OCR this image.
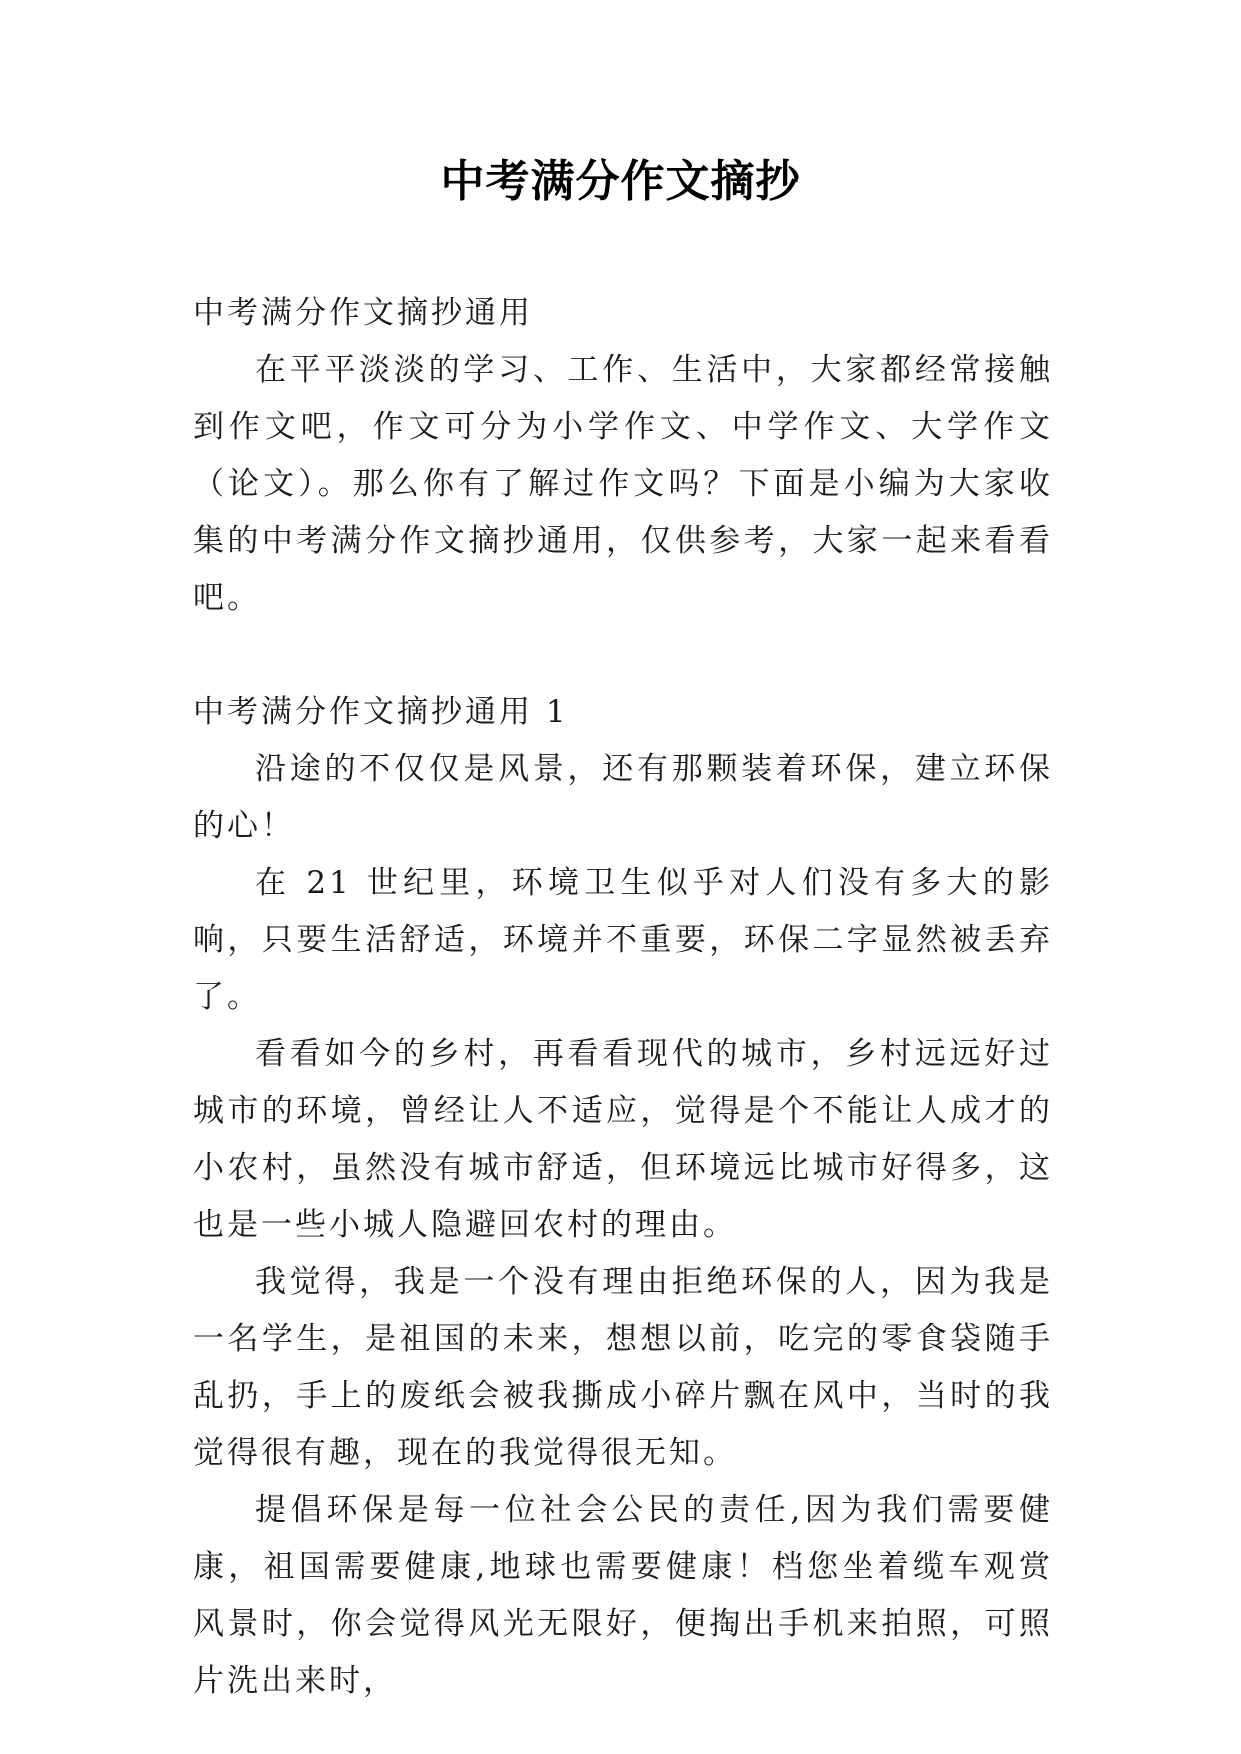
中考满分作文摘抄

中考满分作文摘抄通用

在平平淡淡的学习、工作、生活中，大家都经常接触到作文吧，作文可分为小学作文、中学作文、大学作文（论文）。那么你有了解过作文吗？下面是小编为大家收集的中考满分作文摘抄通用，仅供参考，大家一起来看看吧。

中考满分作文摘抄通用 1

沿途的不仅仅是风景，还有那颗装着环保，建立环保的心！

在 21 世纪里，环境卫生似乎对人们没有多大的影响，只要生活舒适，环境并不重要，环保二字显然被丢弃了。

看看如今的乡村，再看看现代的城市，乡村远远好过城市的环境，曾经让人不适应，觉得是个不能让人成才的小农村，虽然没有城市舒适，但环境远比城市好得多，这也是一些小城人隐避回农村的理由。

我觉得，我是一个没有理由拒绝环保的人，因为我是一名学生，是祖国的未来，想想以前，吃完的零食袋随手乱扔，手上的废纸会被我撕成小碎片飘在风中，当时的我觉得很有趣，现在的我觉得很无知。

提倡环保是每一位社会公民的责任,因为我们需要健康，祖国需要健康,地球也需要健康！档您坐着缆车观赏风景时，你会觉得风光无限好，便掏出手机来拍照，可照片洗出来时，
